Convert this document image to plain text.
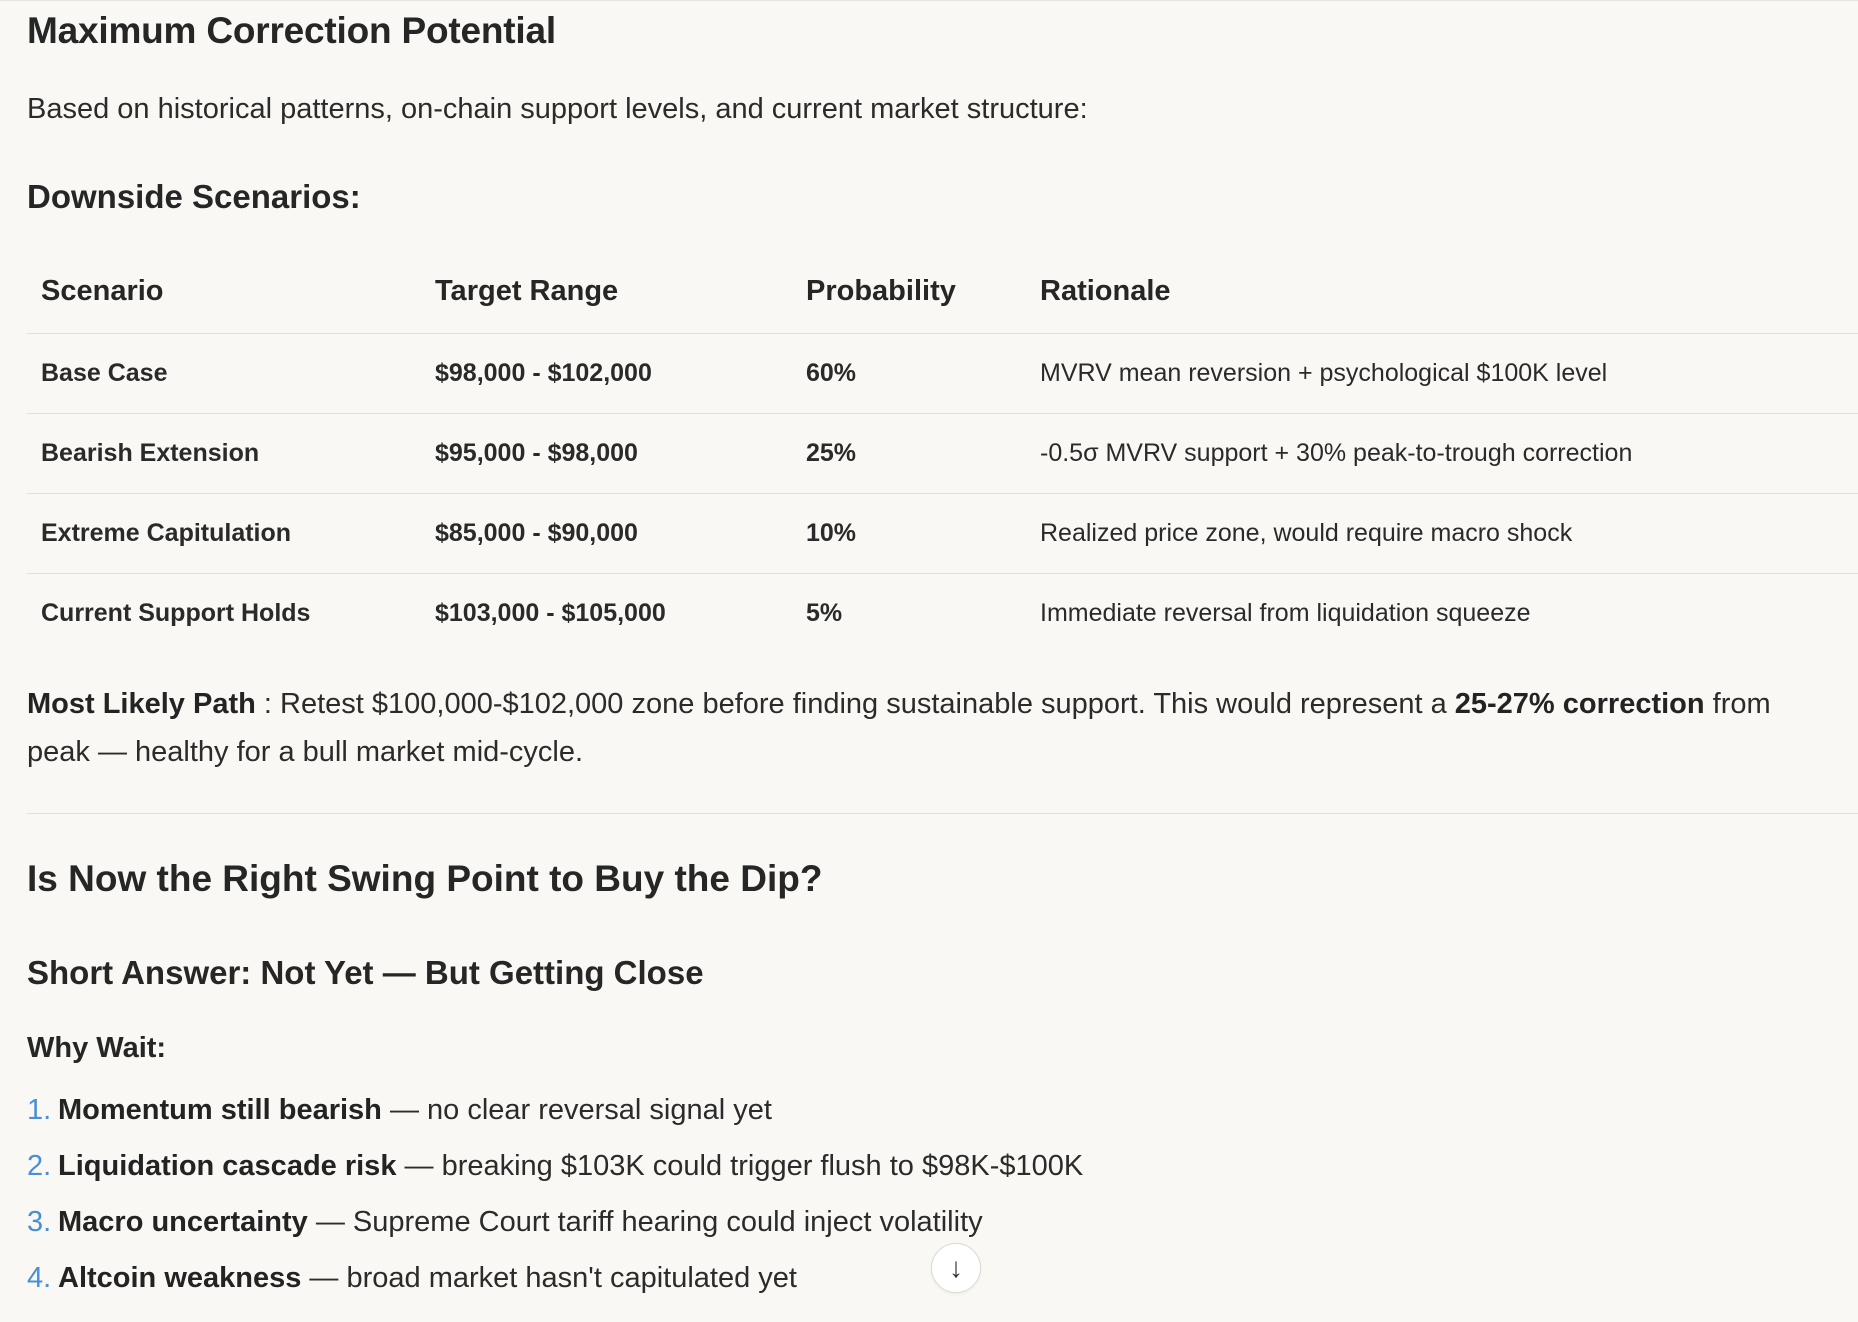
Maximum Correction Potential

Based on historical patterns, on-chain support levels, and current market structure:

Downside Scenarios:
Scenario	Target Range	Probability	Rationale
Base Case	$98,000 - $102,000	60%	MVRV mean reversion + psychological $100K level
Bearish Extension	$95,000 - $98,000	25%	-0.5σ MVRV support + 30% peak-to-trough correction
Extreme Capitulation	$85,000 - $90,000	10%	Realized price zone, would require macro shock
Current Support Holds	$103,000 - $105,000	5%	Immediate reversal from liquidation squeeze

Most Likely Path : Retest $100,000-$102,000 zone before finding sustainable support. This would represent a 25-27% correction from peak — healthy for a bull market mid-cycle.

Is Now the Right Swing Point to Buy the Dip?
Short Answer: Not Yet — But Getting Close
Why Wait:
1. Momentum still bearish — no clear reversal signal yet
2. Liquidation cascade risk — breaking $103K could trigger flush to $98K-$100K
3. Macro uncertainty — Supreme Court tariff hearing could inject volatility
4. Altcoin weakness — broad market hasn't capitulated yet	↓
